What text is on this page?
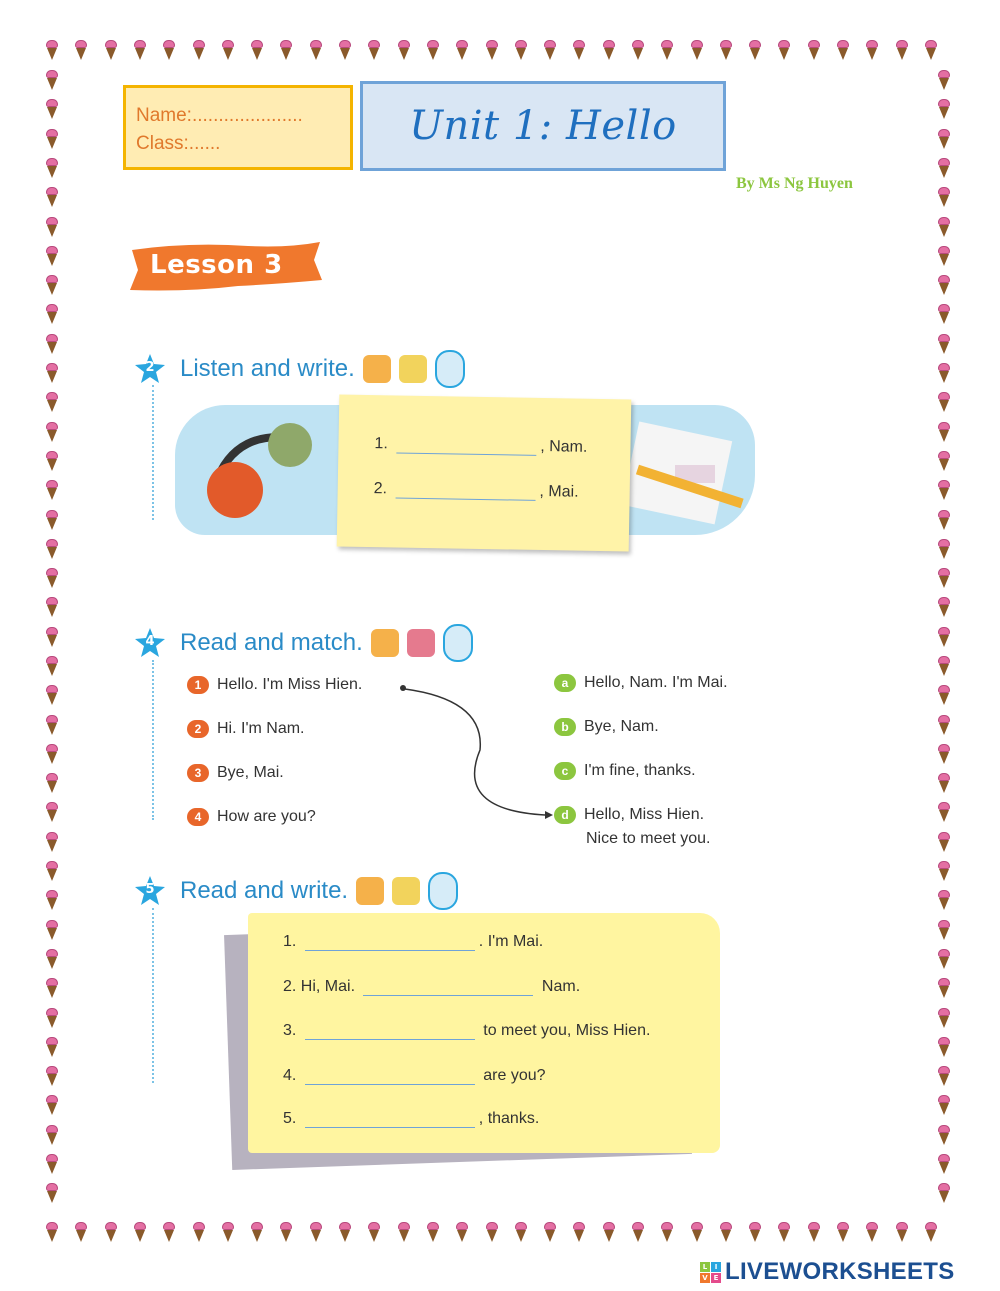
Name:.....................
Class:......	Unit 1: Hello
By Ms Ng Huyen
Lesson 3
2	Listen and write.
1.	, Nam.
2.	, Mai.
4	Read and match.
1 Hello. I'm Miss Hien.
2 Hi. I'm Nam.
3 Bye, Mai.
4 How are you?
a Hello, Nam. I'm Mai.
b Bye, Nam.
c I'm fine, thanks.
d Hello, Miss Hien.
Nice to meet you.
5	Read and write.
1.	. I'm Mai.
2. Hi, Mai.	Nam.
3.	to meet you, Miss Hien.
4.	are you?
5.	, thanks.
L	I
V E LIVEWORKSHEETS
